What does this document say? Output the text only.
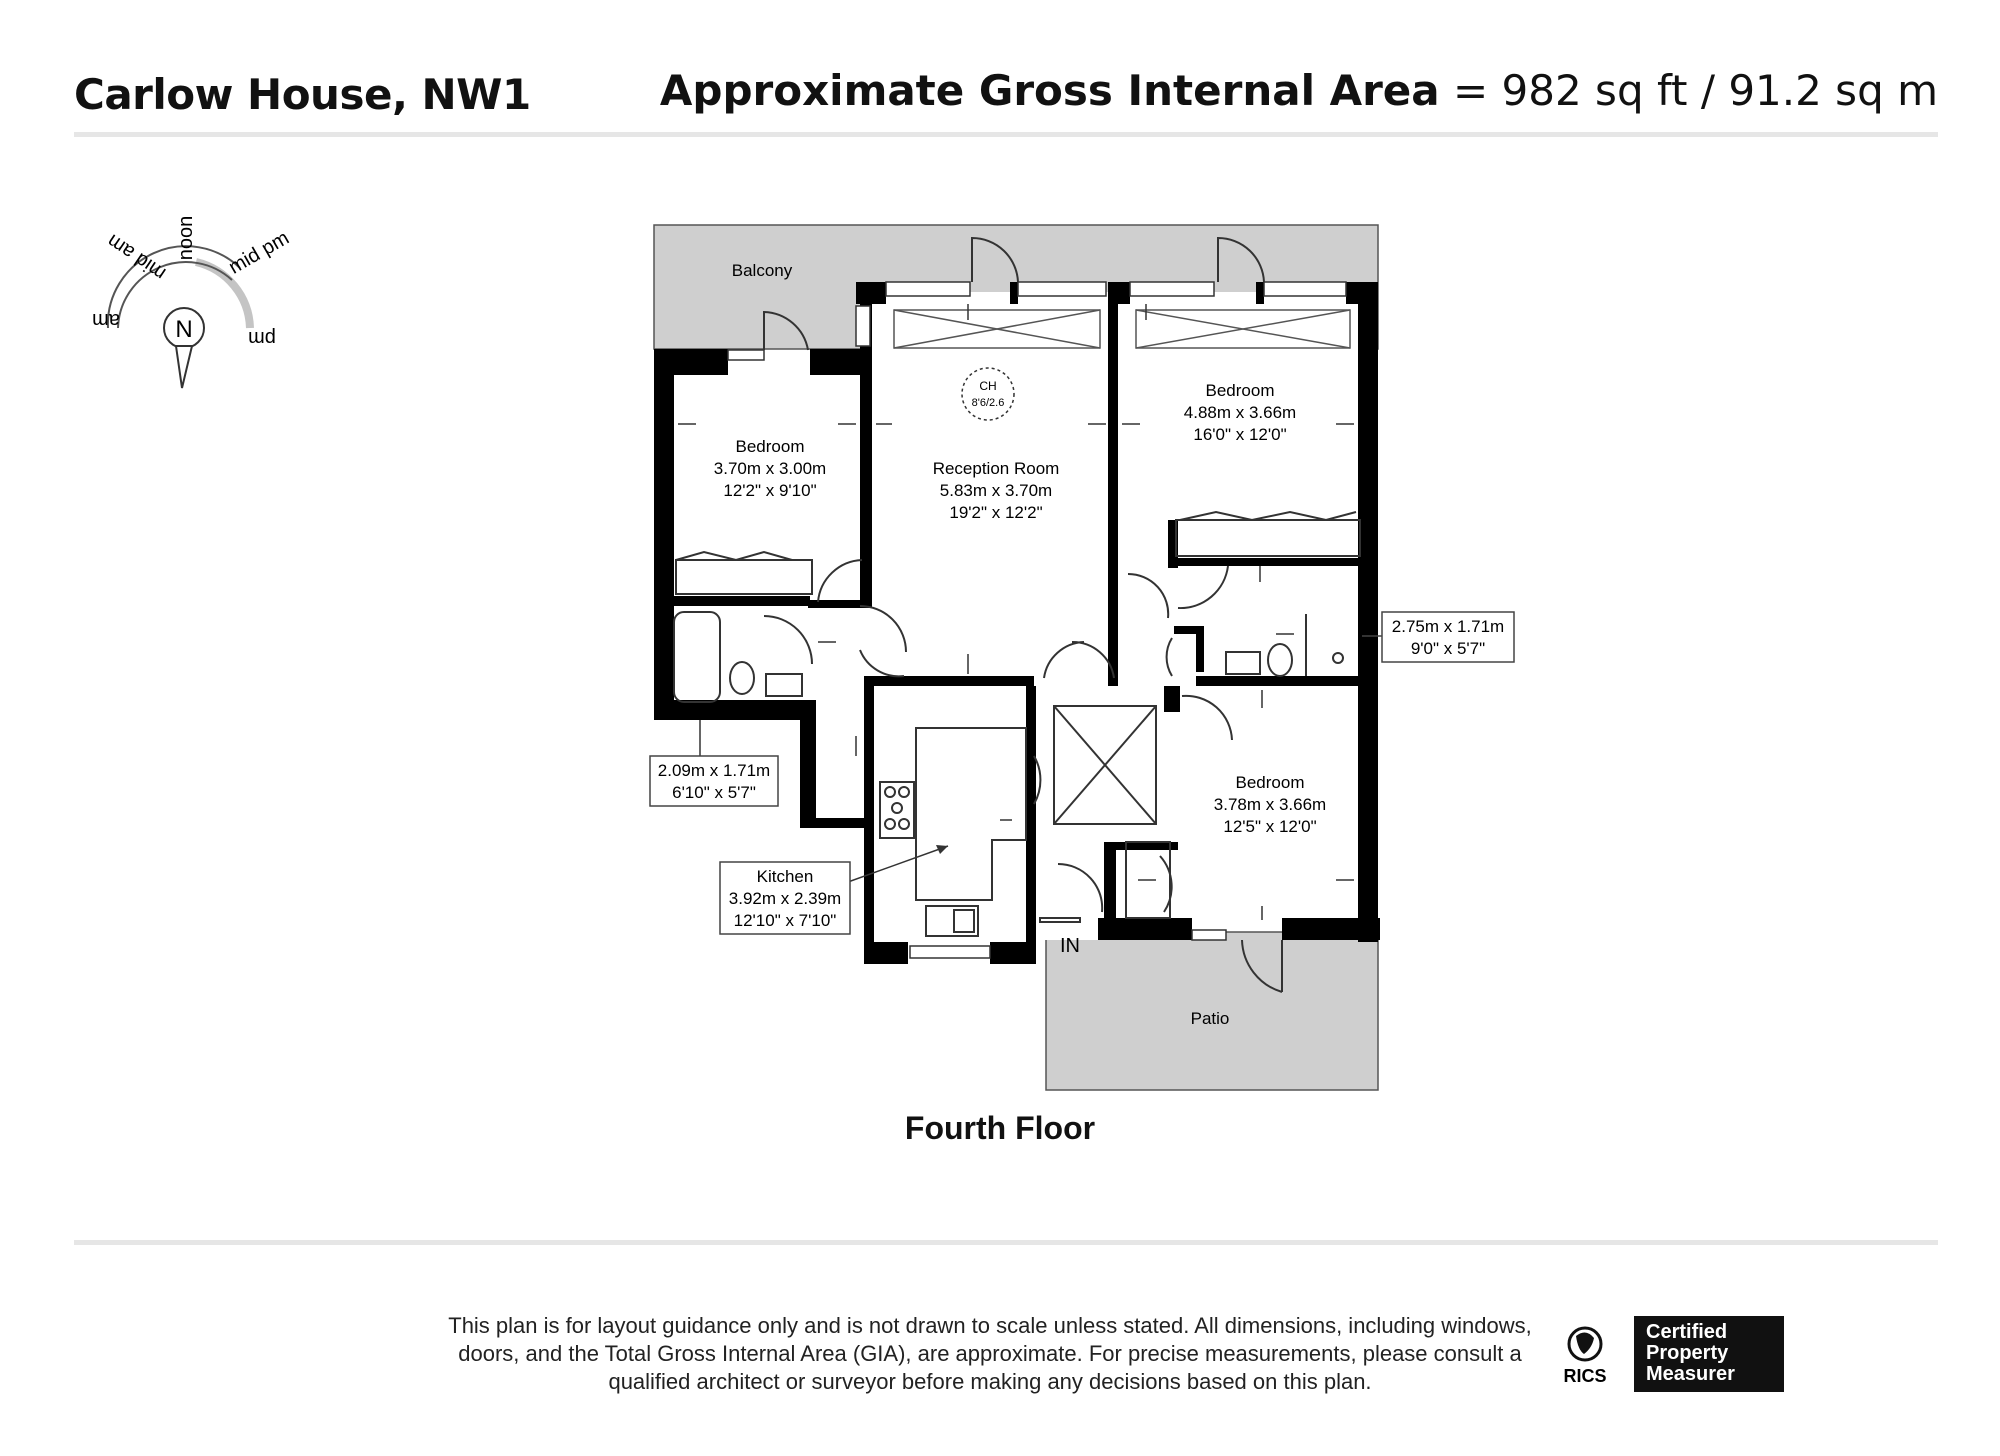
Carlow House, NW1	Approximate Gross Internal Area = 982 sq ft / 91.2 sq m
N
mid am noon mid pm
am
pm
Balcony
Patio
IN
CH
8'6/2.6
Bedroom
3.70m x 3.00m
12'2" x 9'10"
Reception Room
5.83m x 3.70m
19'2" x 12'2"
Bedroom
4.88m x 3.66m
16'0" x 12'0"
Bedroom
3.78m x 3.66m
12'5" x 12'0"
2.75m x 1.71m
9'0" x 5'7"
2.09m x 1.71m
6'10" x 5'7"
Kitchen
3.92m x 2.39m
12'10" x 7'10"
Fourth Floor
This plan is for layout guidance only and is not drawn to scale unless stated. All dimensions, including windows, doors, and the Total Gross Internal Area (GIA), are approximate. For precise measurements, please consult a qualified architect or surveyor before making any decisions based on this plan.	RICS
Certified
Property
Measurer
